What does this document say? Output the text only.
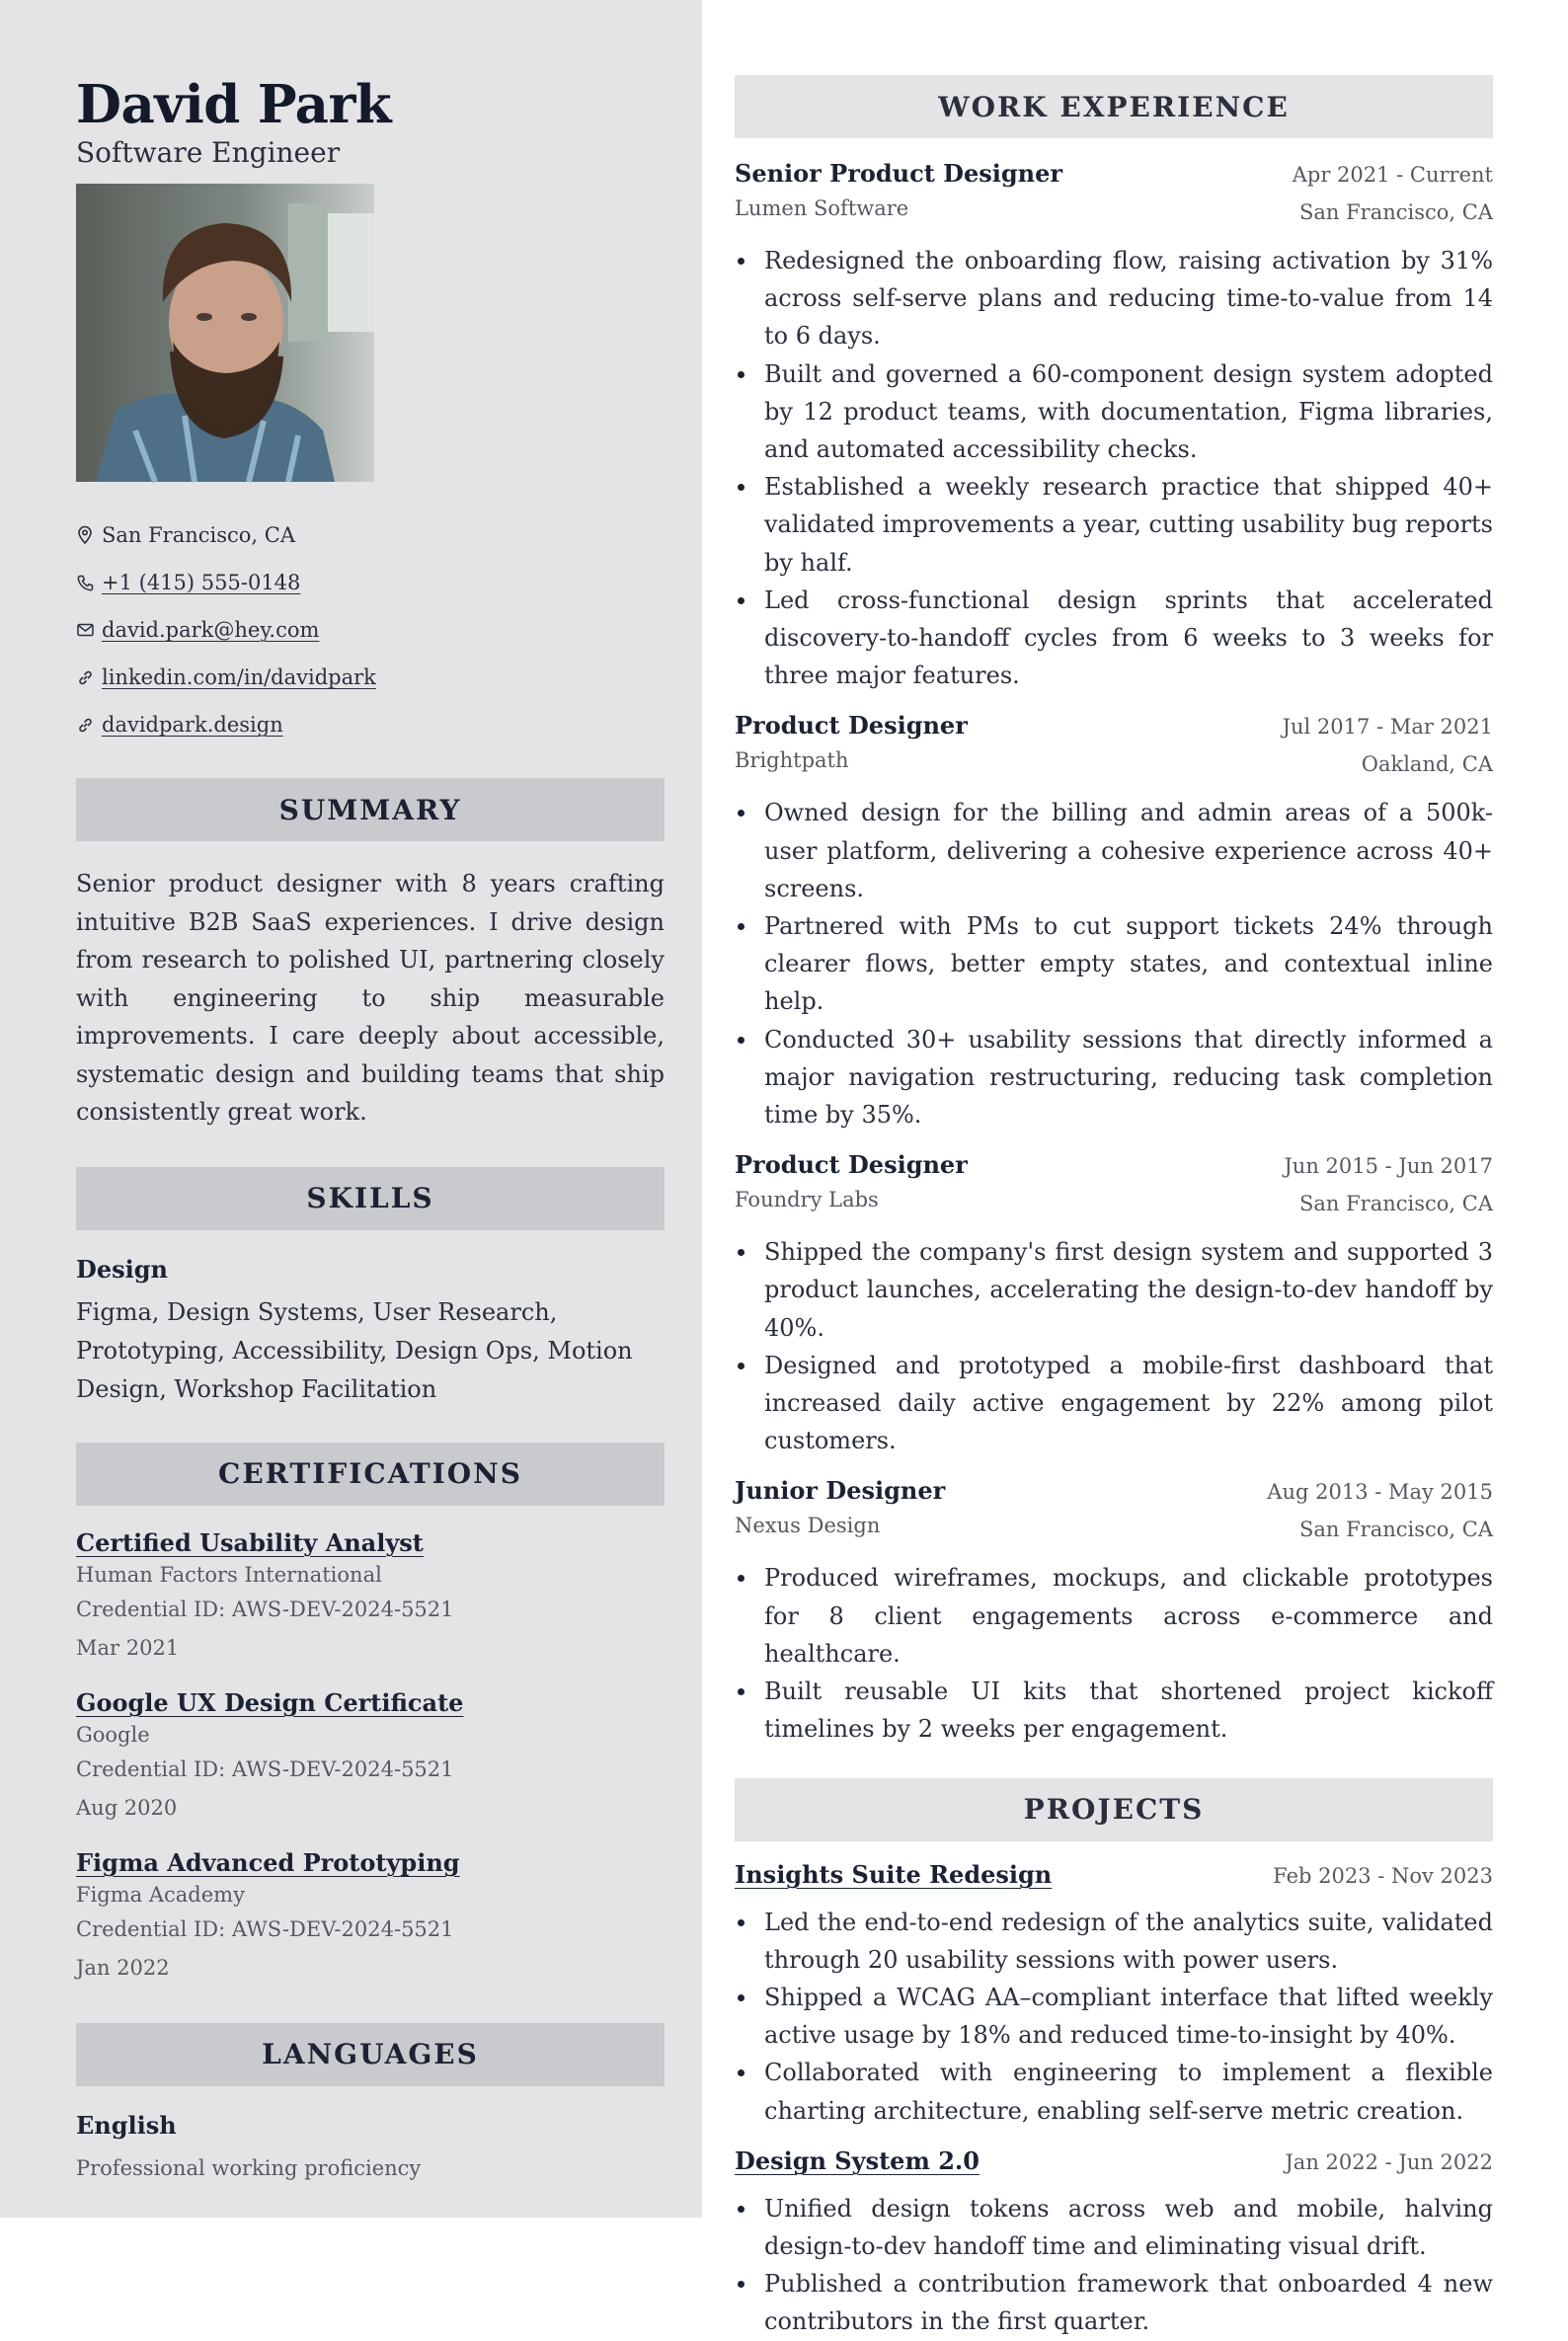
David Park
Software Engineer
San Francisco, CA
+1 (415) 555-0148
david.park@hey.com
linkedin.com/in/davidpark
davidpark.design
SUMMARY

Senior product designer with 8 years crafting intuitive B2B SaaS experiences. I drive design from research to polished UI, partnering closely with engineering to ship measurable improvements. I care deeply about accessible, systematic design and building teams that ship consistently great work.

SKILLS
Design
Figma, Design Systems, User Research, Prototyping, Accessibility, Design Ops, Motion Design, Workshop Facilitation
CERTIFICATIONS
Certified Usability Analyst
Human Factors International
Credential ID: AWS-DEV-2024-5521
Mar 2021
Google UX Design Certificate
Google
Credential ID: AWS-DEV-2024-5521
Aug 2020
Figma Advanced Prototyping
Figma Academy
Credential ID: AWS-DEV-2024-5521
Jan 2022
LANGUAGES
English
Professional working proficiency
WORK EXPERIENCE
Senior Product Designer	Apr 2021 - Current
Lumen Software	San Francisco, CA
Redesigned the onboarding flow, raising activation by 31% across self-serve plans and reducing time-to-value from 14 to 6 days.
Built and governed a 60-component design system adopted by 12 product teams, with documentation, Figma libraries, and automated accessibility checks.
Established a weekly research practice that shipped 40+ validated improvements a year, cutting usability bug reports by half.
Led cross-functional design sprints that accelerated discovery-to-handoff cycles from 6 weeks to 3 weeks for three major features.
Product Designer	Jul 2017 - Mar 2021
Brightpath	Oakland, CA
Owned design for the billing and admin areas of a 500k-user platform, delivering a cohesive experience across 40+ screens.
Partnered with PMs to cut support tickets 24% through clearer flows, better empty states, and contextual inline help.
Conducted 30+ usability sessions that directly informed a major navigation restructuring, reducing task completion time by 35%.
Product Designer	Jun 2015 - Jun 2017
Foundry Labs	San Francisco, CA
Shipped the company's first design system and supported 3 product launches, accelerating the design-to-dev handoff by 40%.
Designed and prototyped a mobile-first dashboard that increased daily active engagement by 22% among pilot customers.
Junior Designer	Aug 2013 - May 2015
Nexus Design	San Francisco, CA
Produced wireframes, mockups, and clickable prototypes for 8 client engagements across e-commerce and healthcare.
Built reusable UI kits that shortened project kickoff timelines by 2 weeks per engagement.
PROJECTS
Insights Suite Redesign	Feb 2023 - Nov 2023
Led the end-to-end redesign of the analytics suite, validated through 20 usability sessions with power users.
Shipped a WCAG AA–compliant interface that lifted weekly active usage by 18% and reduced time-to-insight by 40%.
Collaborated with engineering to implement a flexible charting architecture, enabling self-serve metric creation.
Design System 2.0	Jan 2022 - Jun 2022
Unified design tokens across web and mobile, halving design-to-dev handoff time and eliminating visual drift.
Published a contribution framework that onboarded 4 new contributors in the first quarter.
